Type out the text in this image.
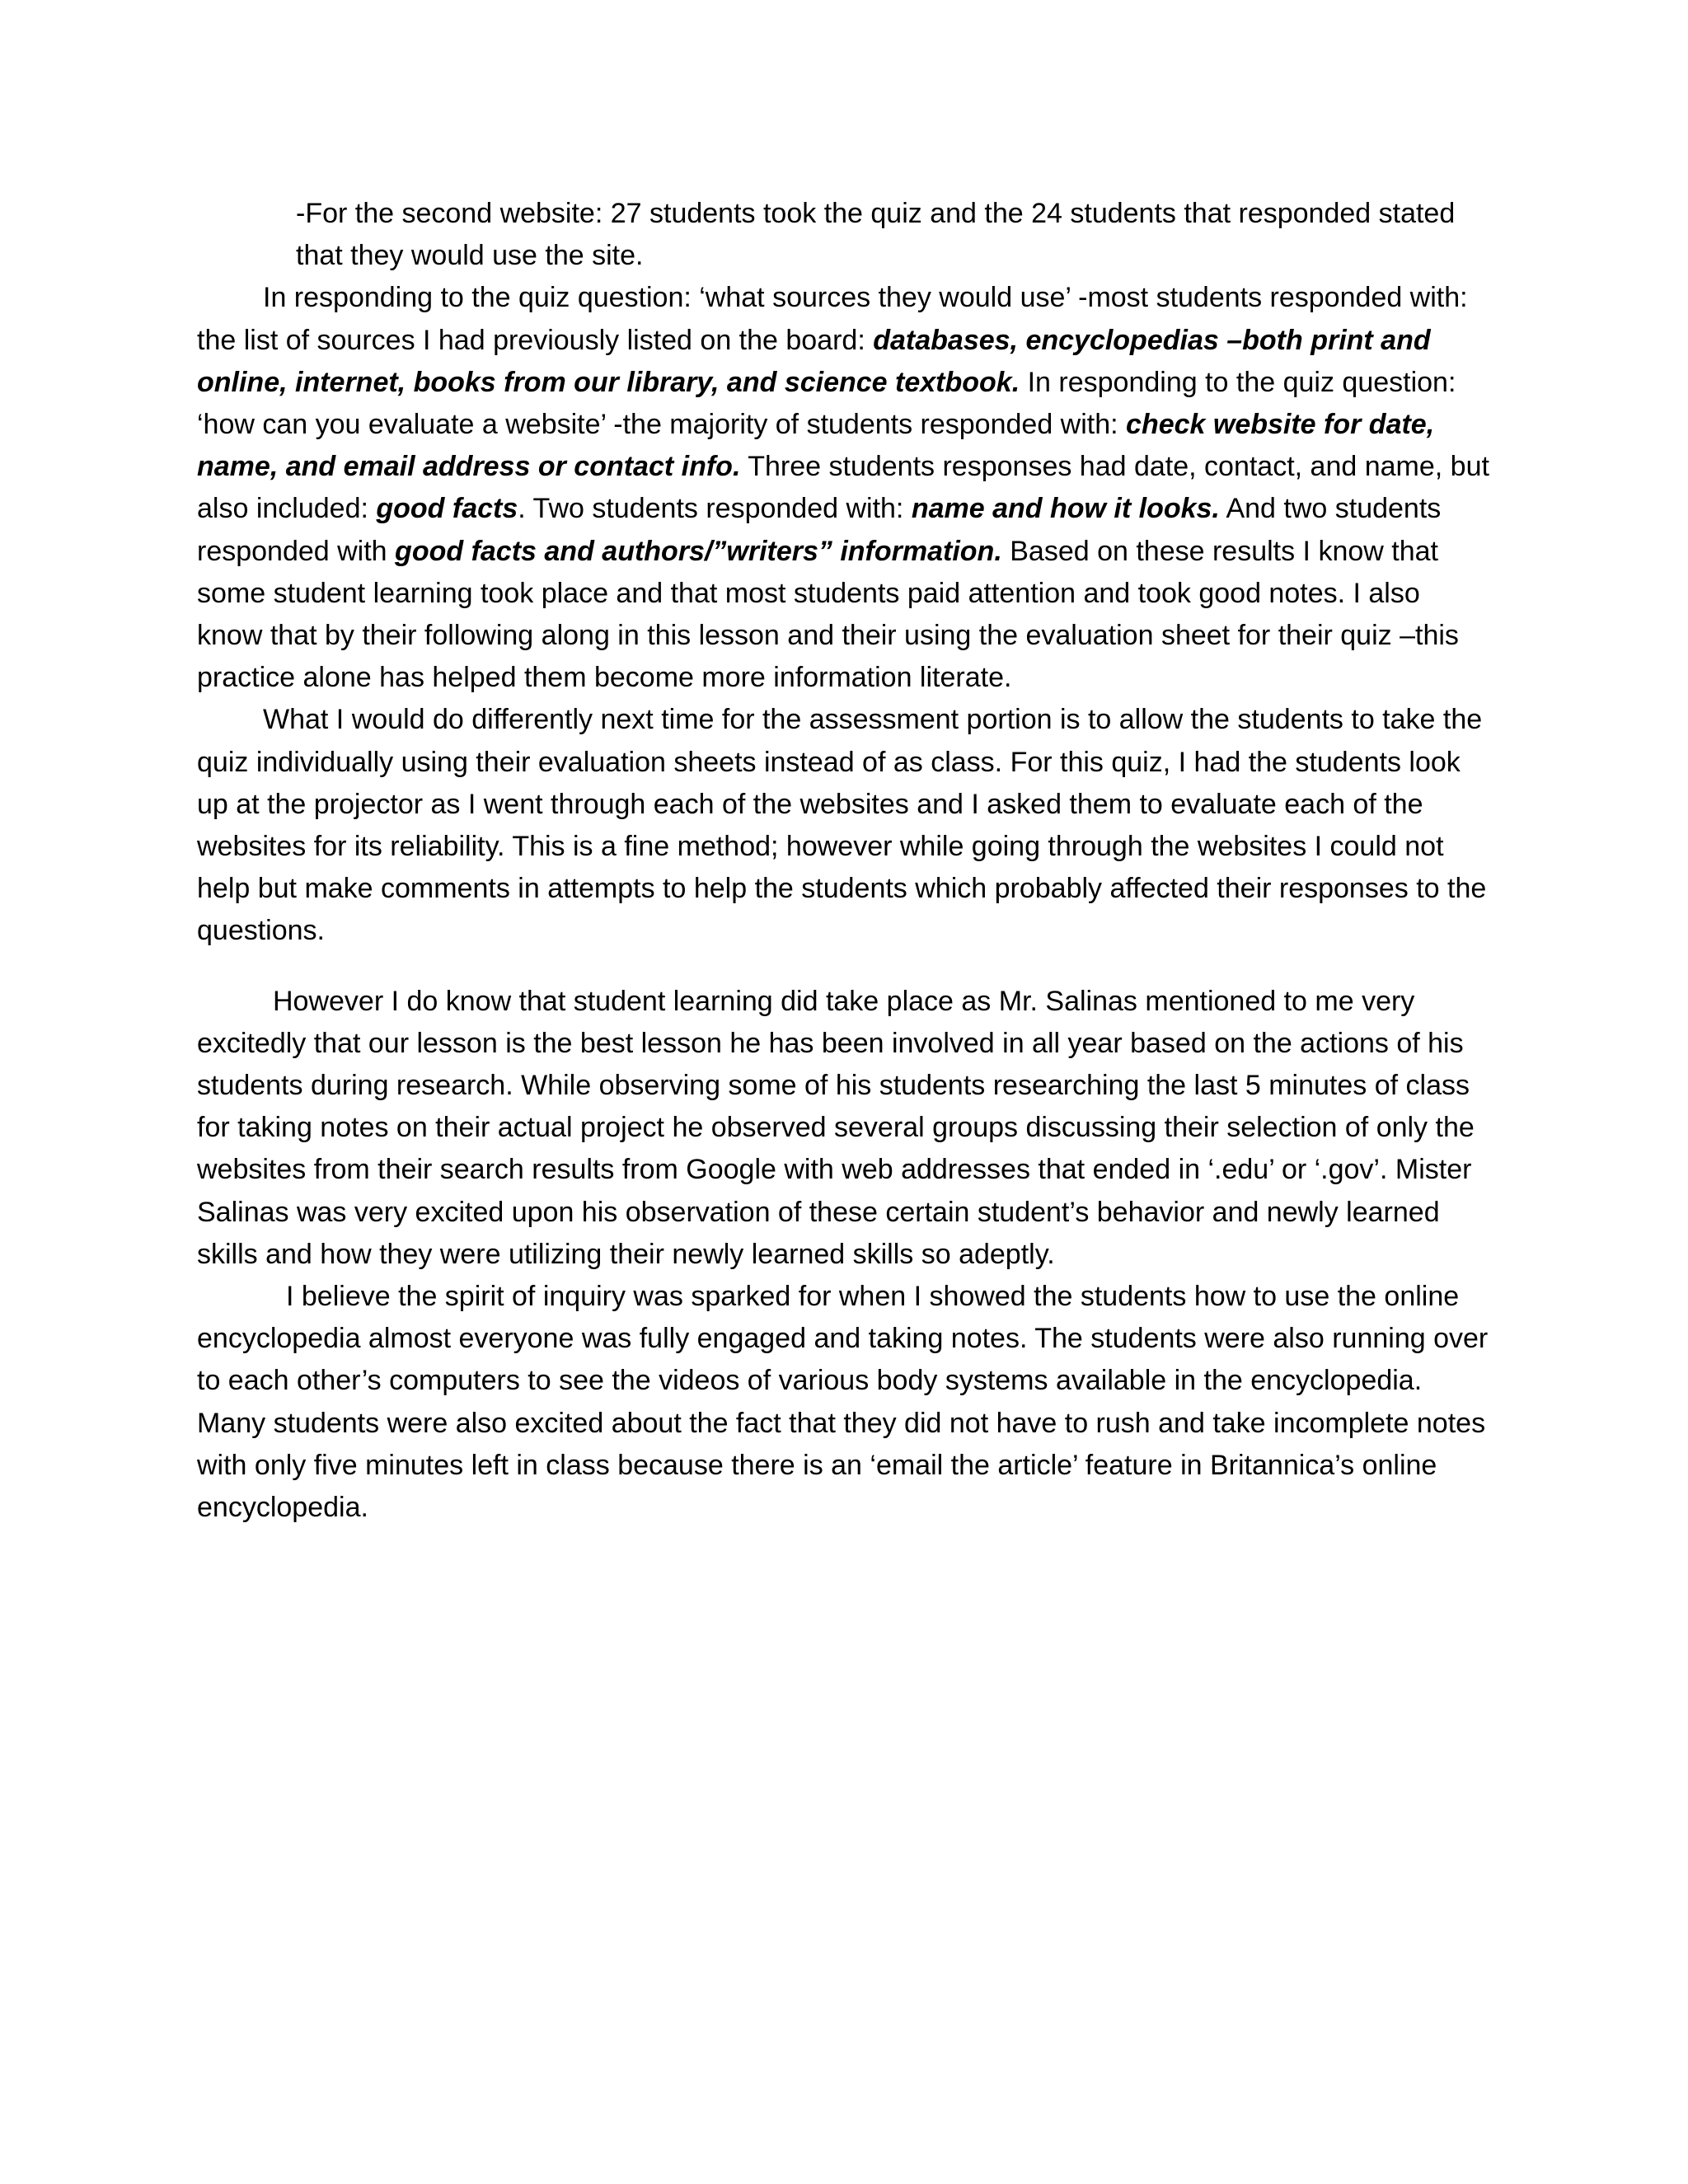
-For the second website: 27 students took the quiz and the 24 students that responded stated that they would use the site.

In responding to the quiz question: ‘what sources they would use’ -most students responded with: the list of sources I had previously listed on the board: databases, encyclopedias –both print and online, internet, books from our library, and science textbook. In responding to the quiz question: ‘how can you evaluate a website’ -the majority of students responded with: check website for date, name, and email address or contact info. Three students responses had date, contact, and name, but also included: good facts. Two students responded with: name and how it looks. And two students responded with good facts and authors/”writers” information. Based on these results I know that some student learning took place and that most students paid attention and took good notes. I also know that by their following along in this lesson and their using the evaluation sheet for their quiz –this practice alone has helped them become more information literate.

What I would do differently next time for the assessment portion is to allow the students to take the quiz individually using their evaluation sheets instead of as class. For this quiz, I had the students look up at the projector as I went through each of the websites and I asked them to evaluate each of the websites for its reliability. This is a fine method; however while going through the websites I could not help but make comments in attempts to help the students which probably affected their responses to the questions.

However I do know that student learning did take place as Mr. Salinas mentioned to me very excitedly that our lesson is the best lesson he has been involved in all year based on the actions of his students during research. While observing some of his students researching the last 5 minutes of class for taking notes on their actual project he observed several groups discussing their selection of only the websites from their search results from Google with web addresses that ended in ‘.edu’ or ‘.gov’. Mister Salinas was very excited upon his observation of these certain student’s behavior and newly learned skills and how they were utilizing their newly learned skills so adeptly.

I believe the spirit of inquiry was sparked for when I showed the students how to use the online encyclopedia almost everyone was fully engaged and taking notes. The students were also running over to each other’s computers to see the videos of various body systems available in the encyclopedia. Many students were also excited about the fact that they did not have to rush and take incomplete notes with only five minutes left in class because there is an ‘email the article’ feature in Britannica’s online encyclopedia.
